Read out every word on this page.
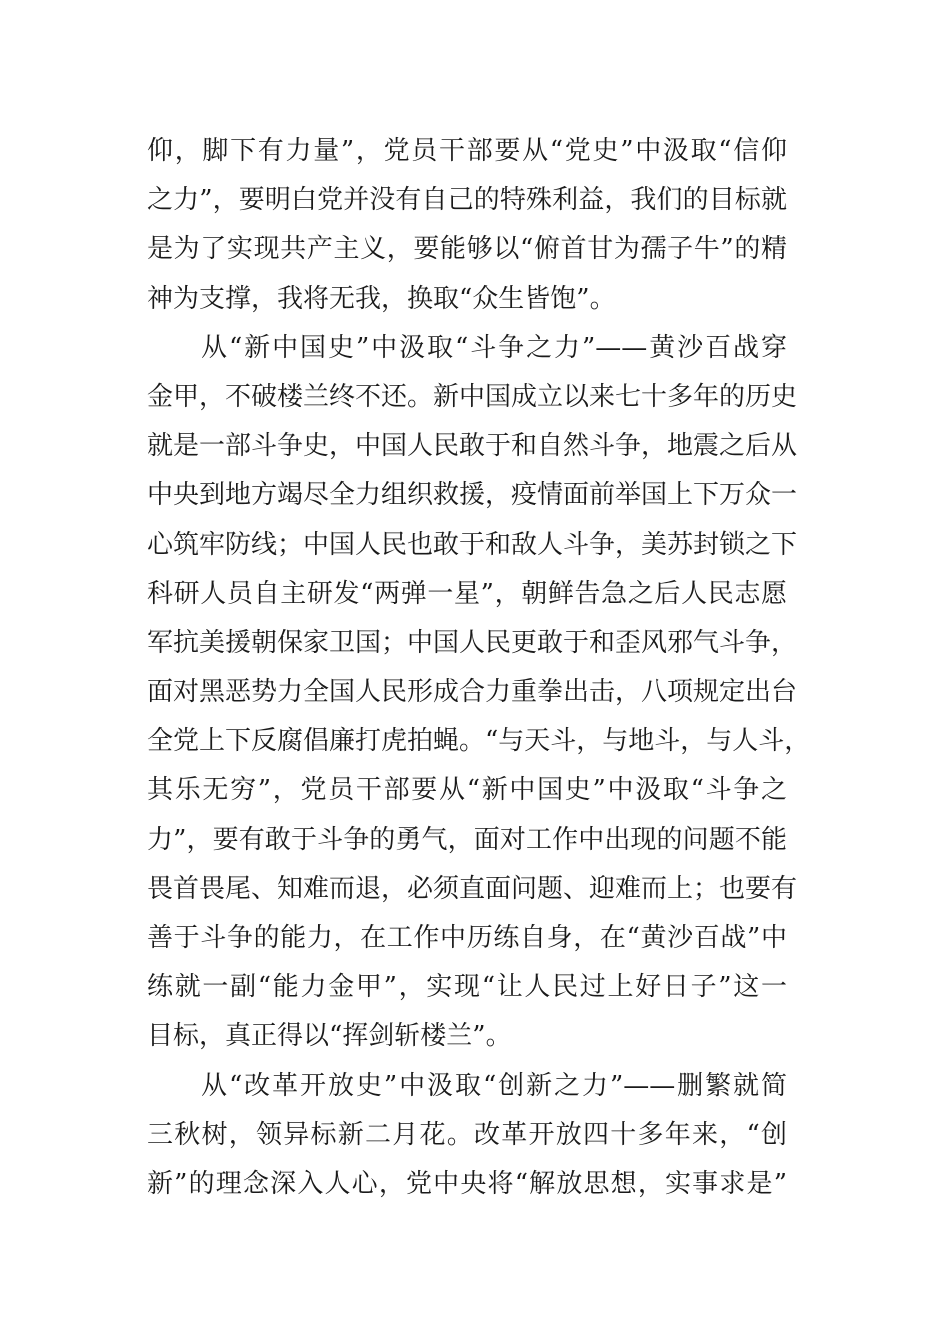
仰，脚下有力量”，党员干部要从“党史”中汲取“信仰
之力”，要明白党并没有自己的特殊利益，我们的目标就
是为了实现共产主义，要能够以“俯首甘为孺子牛”的精
神为支撑，我将无我，换取“众生皆饱”。
从“新中国史”中汲取“斗争之力”——黄沙百战穿
金甲，不破楼兰终不还。新中国成立以来七十多年的历史
就是一部斗争史，中国人民敢于和自然斗争，地震之后从
中央到地方竭尽全力组织救援，疫情面前举国上下万众一
心筑牢防线；中国人民也敢于和敌人斗争，美苏封锁之下
科研人员自主研发“两弹一星”，朝鲜告急之后人民志愿
军抗美援朝保家卫国；中国人民更敢于和歪风邪气斗争，
面对黑恶势力全国人民形成合力重拳出击，八项规定出台
全党上下反腐倡廉打虎拍蝇。“与天斗，与地斗，与人斗，
其乐无穷”，党员干部要从“新中国史”中汲取“斗争之
力”，要有敢于斗争的勇气，面对工作中出现的问题不能
畏首畏尾、知难而退，必须直面问题、迎难而上；也要有
善于斗争的能力，在工作中历练自身，在“黄沙百战”中
练就一副“能力金甲”，实现“让人民过上好日子”这一
目标，真正得以“挥剑斩楼兰”。
从“改革开放史”中汲取“创新之力”——删繁就简
三秋树，领异标新二月花。改革开放四十多年来，“创
新”的理念深入人心，党中央将“解放思想，实事求是”
